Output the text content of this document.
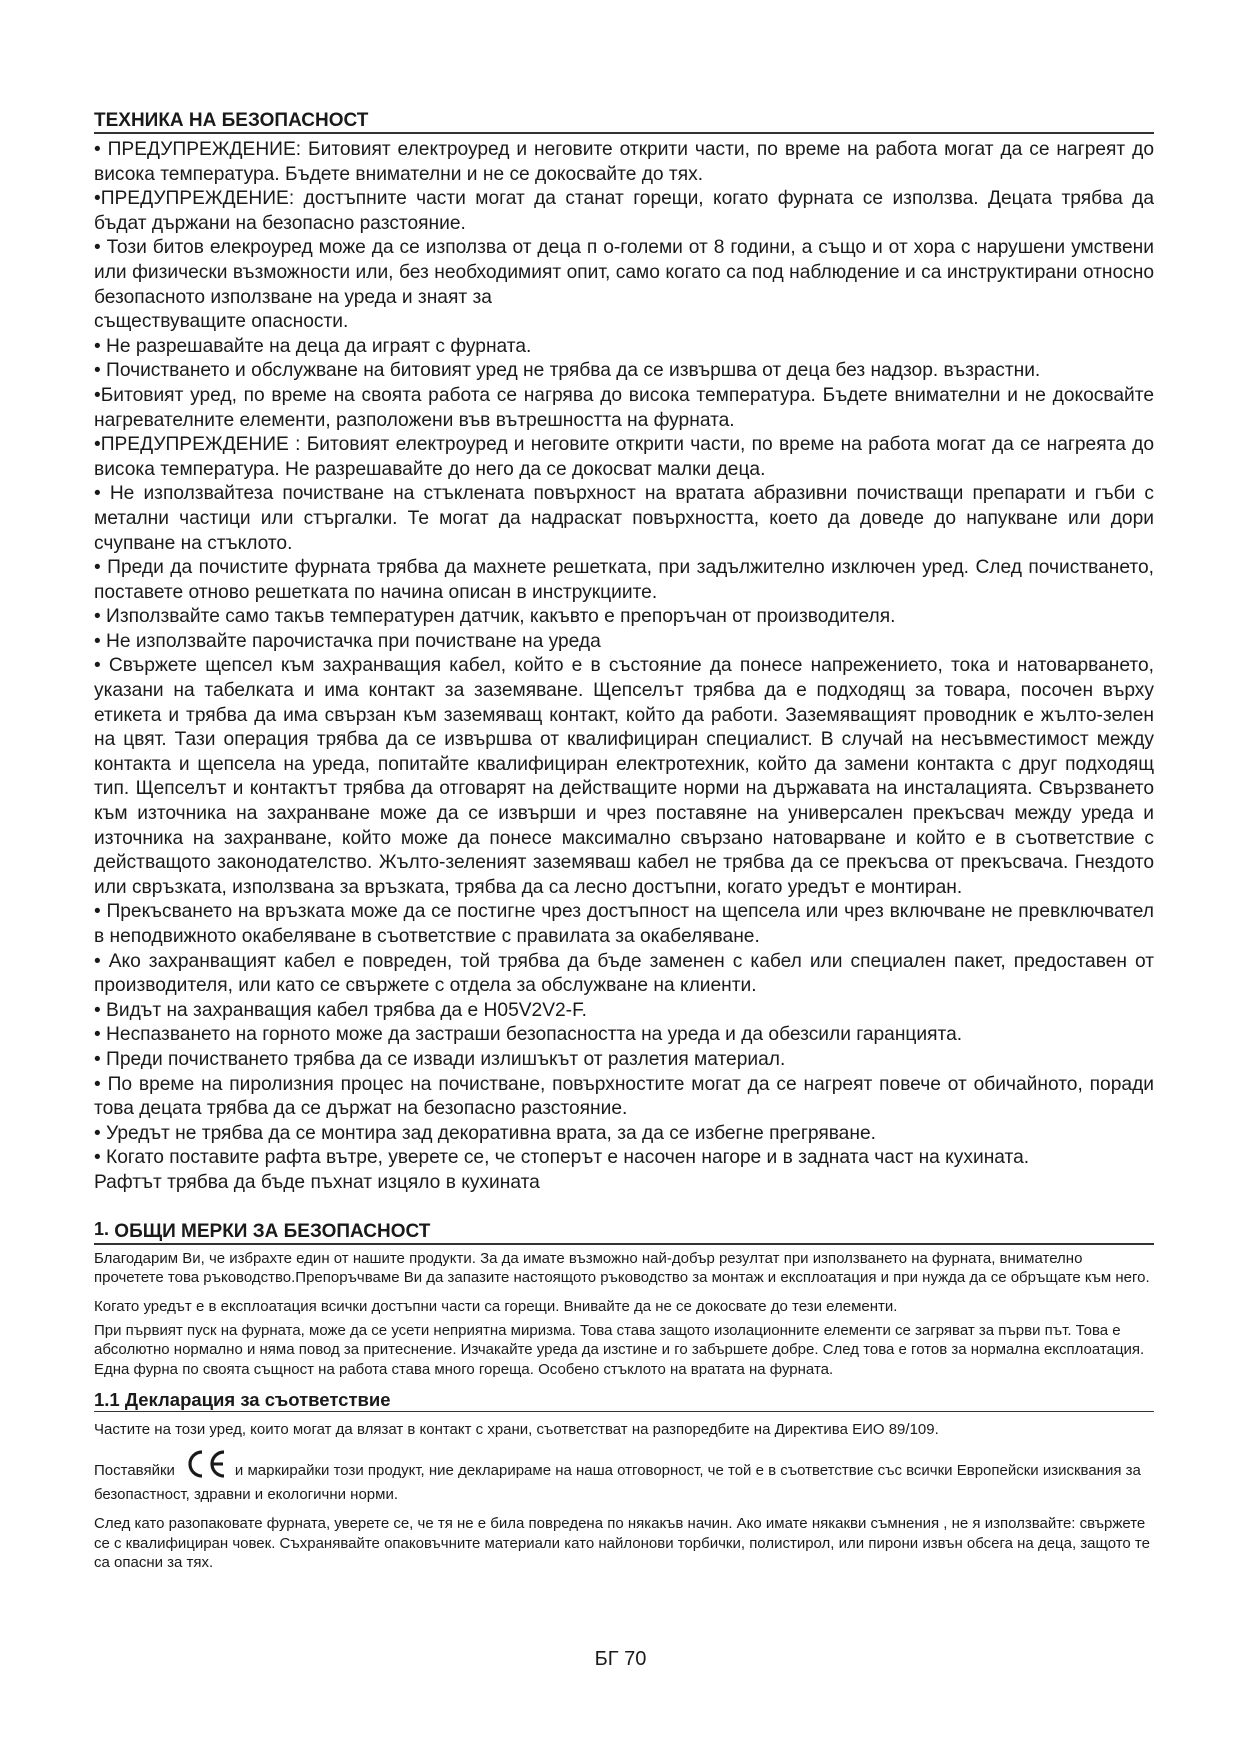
ТЕХНИКА НА БЕЗОПАСНОСТ

• ПРЕДУПРЕЖДЕНИЕ: Битовият електроуред и неговите открити части, по време на работа могат да се нагреят до висока температура. Бъдете внимателни и не се докосвайте до тях.

•ПРЕДУПРЕЖДЕНИЕ: достъпните части могат да станат горещи, когато фурната се използва. Децата трябва да бъдат държани на безопасно разстояние.

• Този битов елекроуред може да се използва от деца п о-големи от 8 години, а също и от хора с нарушени умствени или физически възможности или, без необходимият опит, само когато са под наблюдение и са инструктирани относно безопасното използване на уреда и знаят за

съществуващите опасности.

• Не разрешавайте на деца да играят с фурната.

• Почистването и обслужване на битовият уред не трябва да се извършва от деца без надзор. възрастни.

•Битовият уред, по време на своята работа се нагрява до висока температура. Бъдете внимателни и не докосвайте нагревателните елементи, разположени във вътрешността на фурната.

•ПРЕДУПРЕЖДЕНИЕ : Битовият електроуред и неговите открити части, по време на работа могат да се нагреята до висока температура. Не разрешавайте до него да се докосват малки деца.

• Не използвайтеза почистване на стъклената повърхност на вратата абразивни почистващи препарати и гъби с метални частици или стъргалки. Те могат да надраскат повърхността, което да доведе до напукване или дори счупване на стъклото.

• Преди да почистите фурната трябва да махнете решетката, при задължително изключен уред. След почистването, поставете отново решетката по начина описан в инструкциите.

• Използвайте само такъв температурен датчик, какъвто е препоръчан от производителя.

• Не използвайте парочистачка при почистване на уреда

• Свържете щепсел към захранващия кабел, който е в състояние да понесе напрежението, тока и натоварването, указани на табелката и има контакт за заземяване. Щепселът трябва да е подходящ за товара, посочен върху етикета и трябва да има свързан към заземяващ контакт, който да работи. Заземяващият проводник е жълто-зелен на цвят. Тази операция трябва да се извършва от квалифициран специалист. В случай на несъвместимост между контакта и щепсела на уреда, попитайте квалифициран електротехник, който да замени контакта с друг подходящ тип. Щепселът и контактът трябва да отговарят на действащите норми на държавата на инсталацията. Свързването към източника на захранване може да се извърши и чрез поставяне на универсален прекъсвач между уреда и източника на захранване, който може да понесе максимално свързано натоварване и който е в съответствие с действащото законодателство. Жълто-зеленият заземяваш кабел не трябва да се прекъсва от прекъсвача. Гнездото или свръзката, използвана за връзката, трябва да са лесно достъпни, когато уредът е монтиран.

• Прекъсването на връзката може да се постигне чрез достъпност на щепсела или чрез включване не превключвател в неподвижното окабеляване в съответствие с правилата за окабеляване.

• Ако захранващият кабел е повреден, той трябва да бъде заменен с кабел или специален пакет, предоставен от производителя, или като се свържете с отдела за обслужване на клиенти.

• Видът на захранващия кабел трябва да е H05V2V2-F.

• Неспазването на горното може да застраши безопасността на уреда и да обезсили гаранцията.

• Преди почистването трябва да се извади излишъкът от разлетия материал.

• По време на пиролизния процес на почистване, повърхностите могат да се нагреят повече от обичайното, поради това децата трябва да се държат на безопасно разстояние.

• Уредът не трябва да се монтира зад декоративна врата, за да се избегне прегряване.

• Когато поставите рафта вътре, уверете се, че стоперът е насочен нагоре и в задната част на кухината.

Рафтът трябва да бъде пъхнат изцяло в кухината

1. ОБЩИ МЕРКИ ЗА БЕЗОПАСНОСТ

Благодарим Ви, че избрахте един от нашите продукти. За да имате възможно най-добър резултат при използването на фурната, внимателно прочетете това ръководство.Препоръчваме Ви да запазите настоящото ръководство за монтаж и експлоатация и при нужда да се обръщате към него.

Когато уредът е в експлоатация всички достъпни части са горещи. Внивайте да не се докосвате до тези елементи.

При първият пуск на фурната, може да се усети неприятна миризма. Това става защото изолационните елементи се загряват за първи път. Това е абсолютно нормално и няма повод за притеснение. Изчакайте уреда да изстине и го забършете добре. След това е готов за нормална експлоатация.

Една фурна по своята същност на работа става много гореща. Особено стъклото на вратата на фурната.

1.1 Декларация за съответствие

Частите на този уред, които могат да влязат в контакт с храни, съответстват на разпоредбите на Директива ЕИО 89/109.

Поставяйки	и маркирайки този продукт, ние декларираме на наша отговорност, че той е в съответствие със всички Европейски изисквания за безопастност, здравни и екологични норми.

След като разопаковате фурната, уверете се, че тя не е била повредена по някакъв начин. Ако имате някакви съмнения , не я използвайте: свържете се с квалифициран човек. Съхранявайте опаковъчните материали като найлонови торбички, полистирол, или пирони извън обсега на деца, защото те са опасни за тях.

БГ 70
